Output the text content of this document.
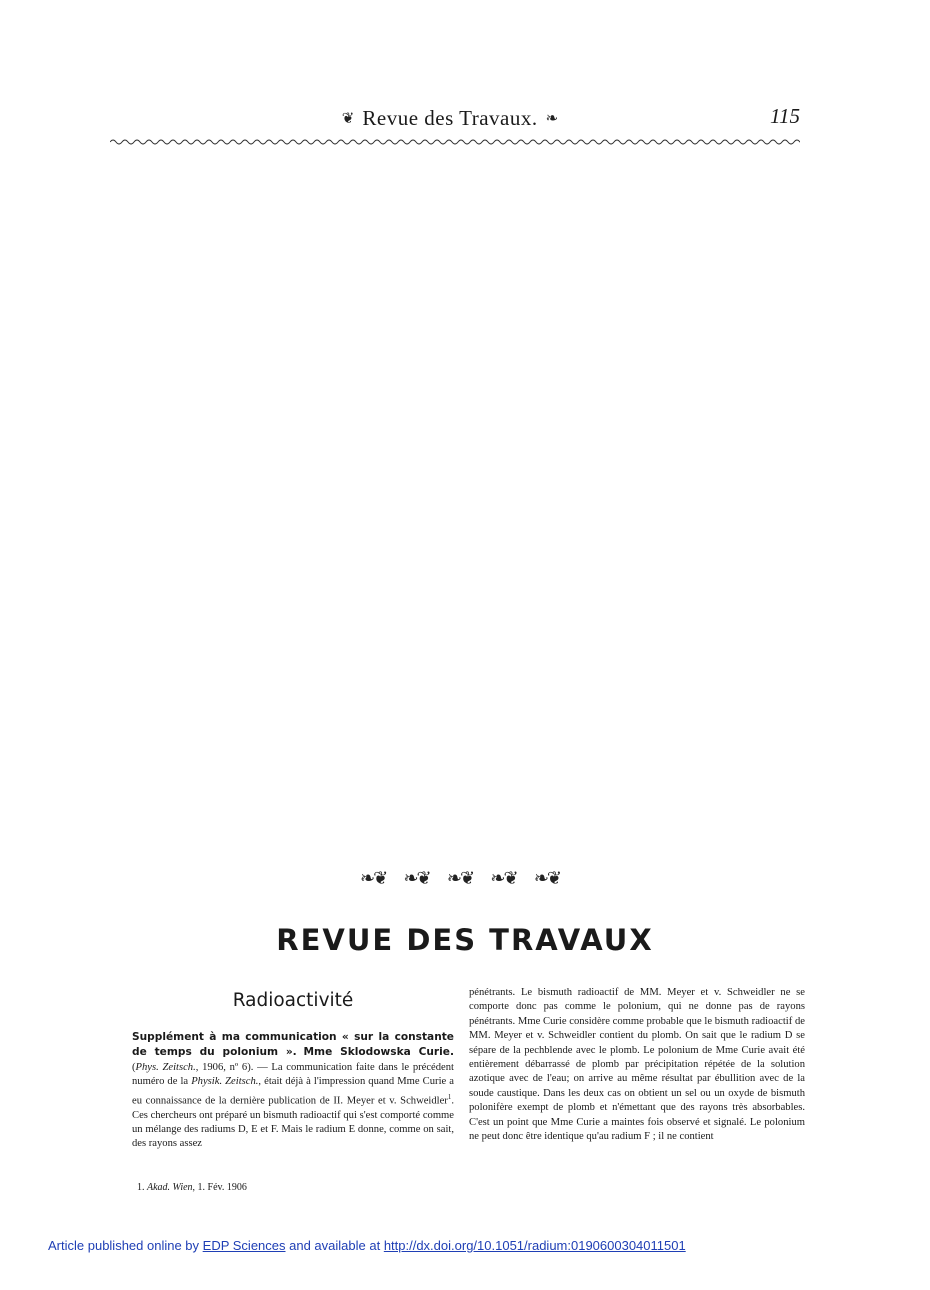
❦ Revue des Travaux. ❧	115
❧❦ ❧❦ ❧❦ ❧❦ ❧❦
REVUE DES TRAVAUX
Radioactivité
Supplément à ma communication « sur la constante de temps du polonium ». Mme Sklodowska Curie. (Phys. Zeitsch., 1906, nº 6). — La communication faite dans le précédent numéro de la Physik. Zeitsch., était déjà à l'impression quand Mme Curie a eu connaissance de la dernière publication de II. Meyer et v. Schweidler$^1$. Ces chercheurs ont préparé un bismuth radioactif qui s'est comporté comme un mélange des radiums D, E et F. Mais le radium E donne, comme on sait, des rayons assez
1. Akad. Wien, 1. Fév. 1906
pénétrants. Le bismuth radioactif de MM. Meyer et v. Schweidler ne se comporte donc pas comme le polonium, qui ne donne pas de rayons pénétrants. Mme Curie considère comme probable que le bismuth radioactif de MM. Meyer et v. Schweidler contient du plomb. On sait que le radium D se sépare de la pechblende avec le plomb. Le polonium de Mme Curie avait été entièrement débarrassé de plomb par précipitation répétée de la solution azotique avec de l'eau; on arrive au même résultat par ébullition avec de la soude caustique. Dans les deux cas on obtient un sel ou un oxyde de bismuth polonifère exempt de plomb et n'émettant que des rayons très absorbables. C'est un point que Mme Curie a maintes fois observé et signalé. Le polonium ne peut donc être identique qu'au radium F ; il ne contient
Article published online by EDP Sciences and available at http://dx.doi.org/10.1051/radium:0190600304011501
